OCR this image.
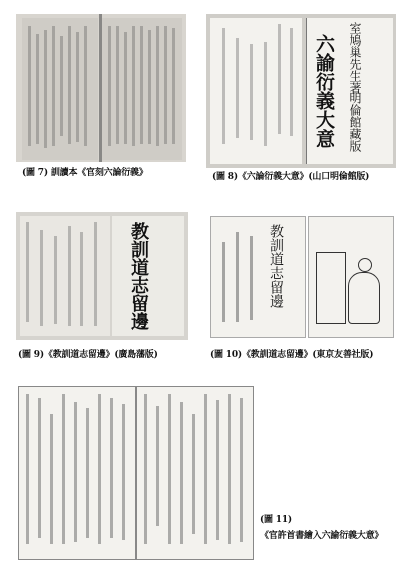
(圖 7) 訓讀本《官刻六論衍義》
六諭衍義大意 室鳩巢先生著
明倫館藏版
(圖 8)《六論衍義大意》(山口明倫館版)
教訓道志留邊
(圖 9)《教訓道志留邊》(廣島藩版)
教訓道志留邊
(圖 10)《教訓道志留邊》(東京友善社版)
(圖 11)
《官許首書繪入六諭衍義大意》
